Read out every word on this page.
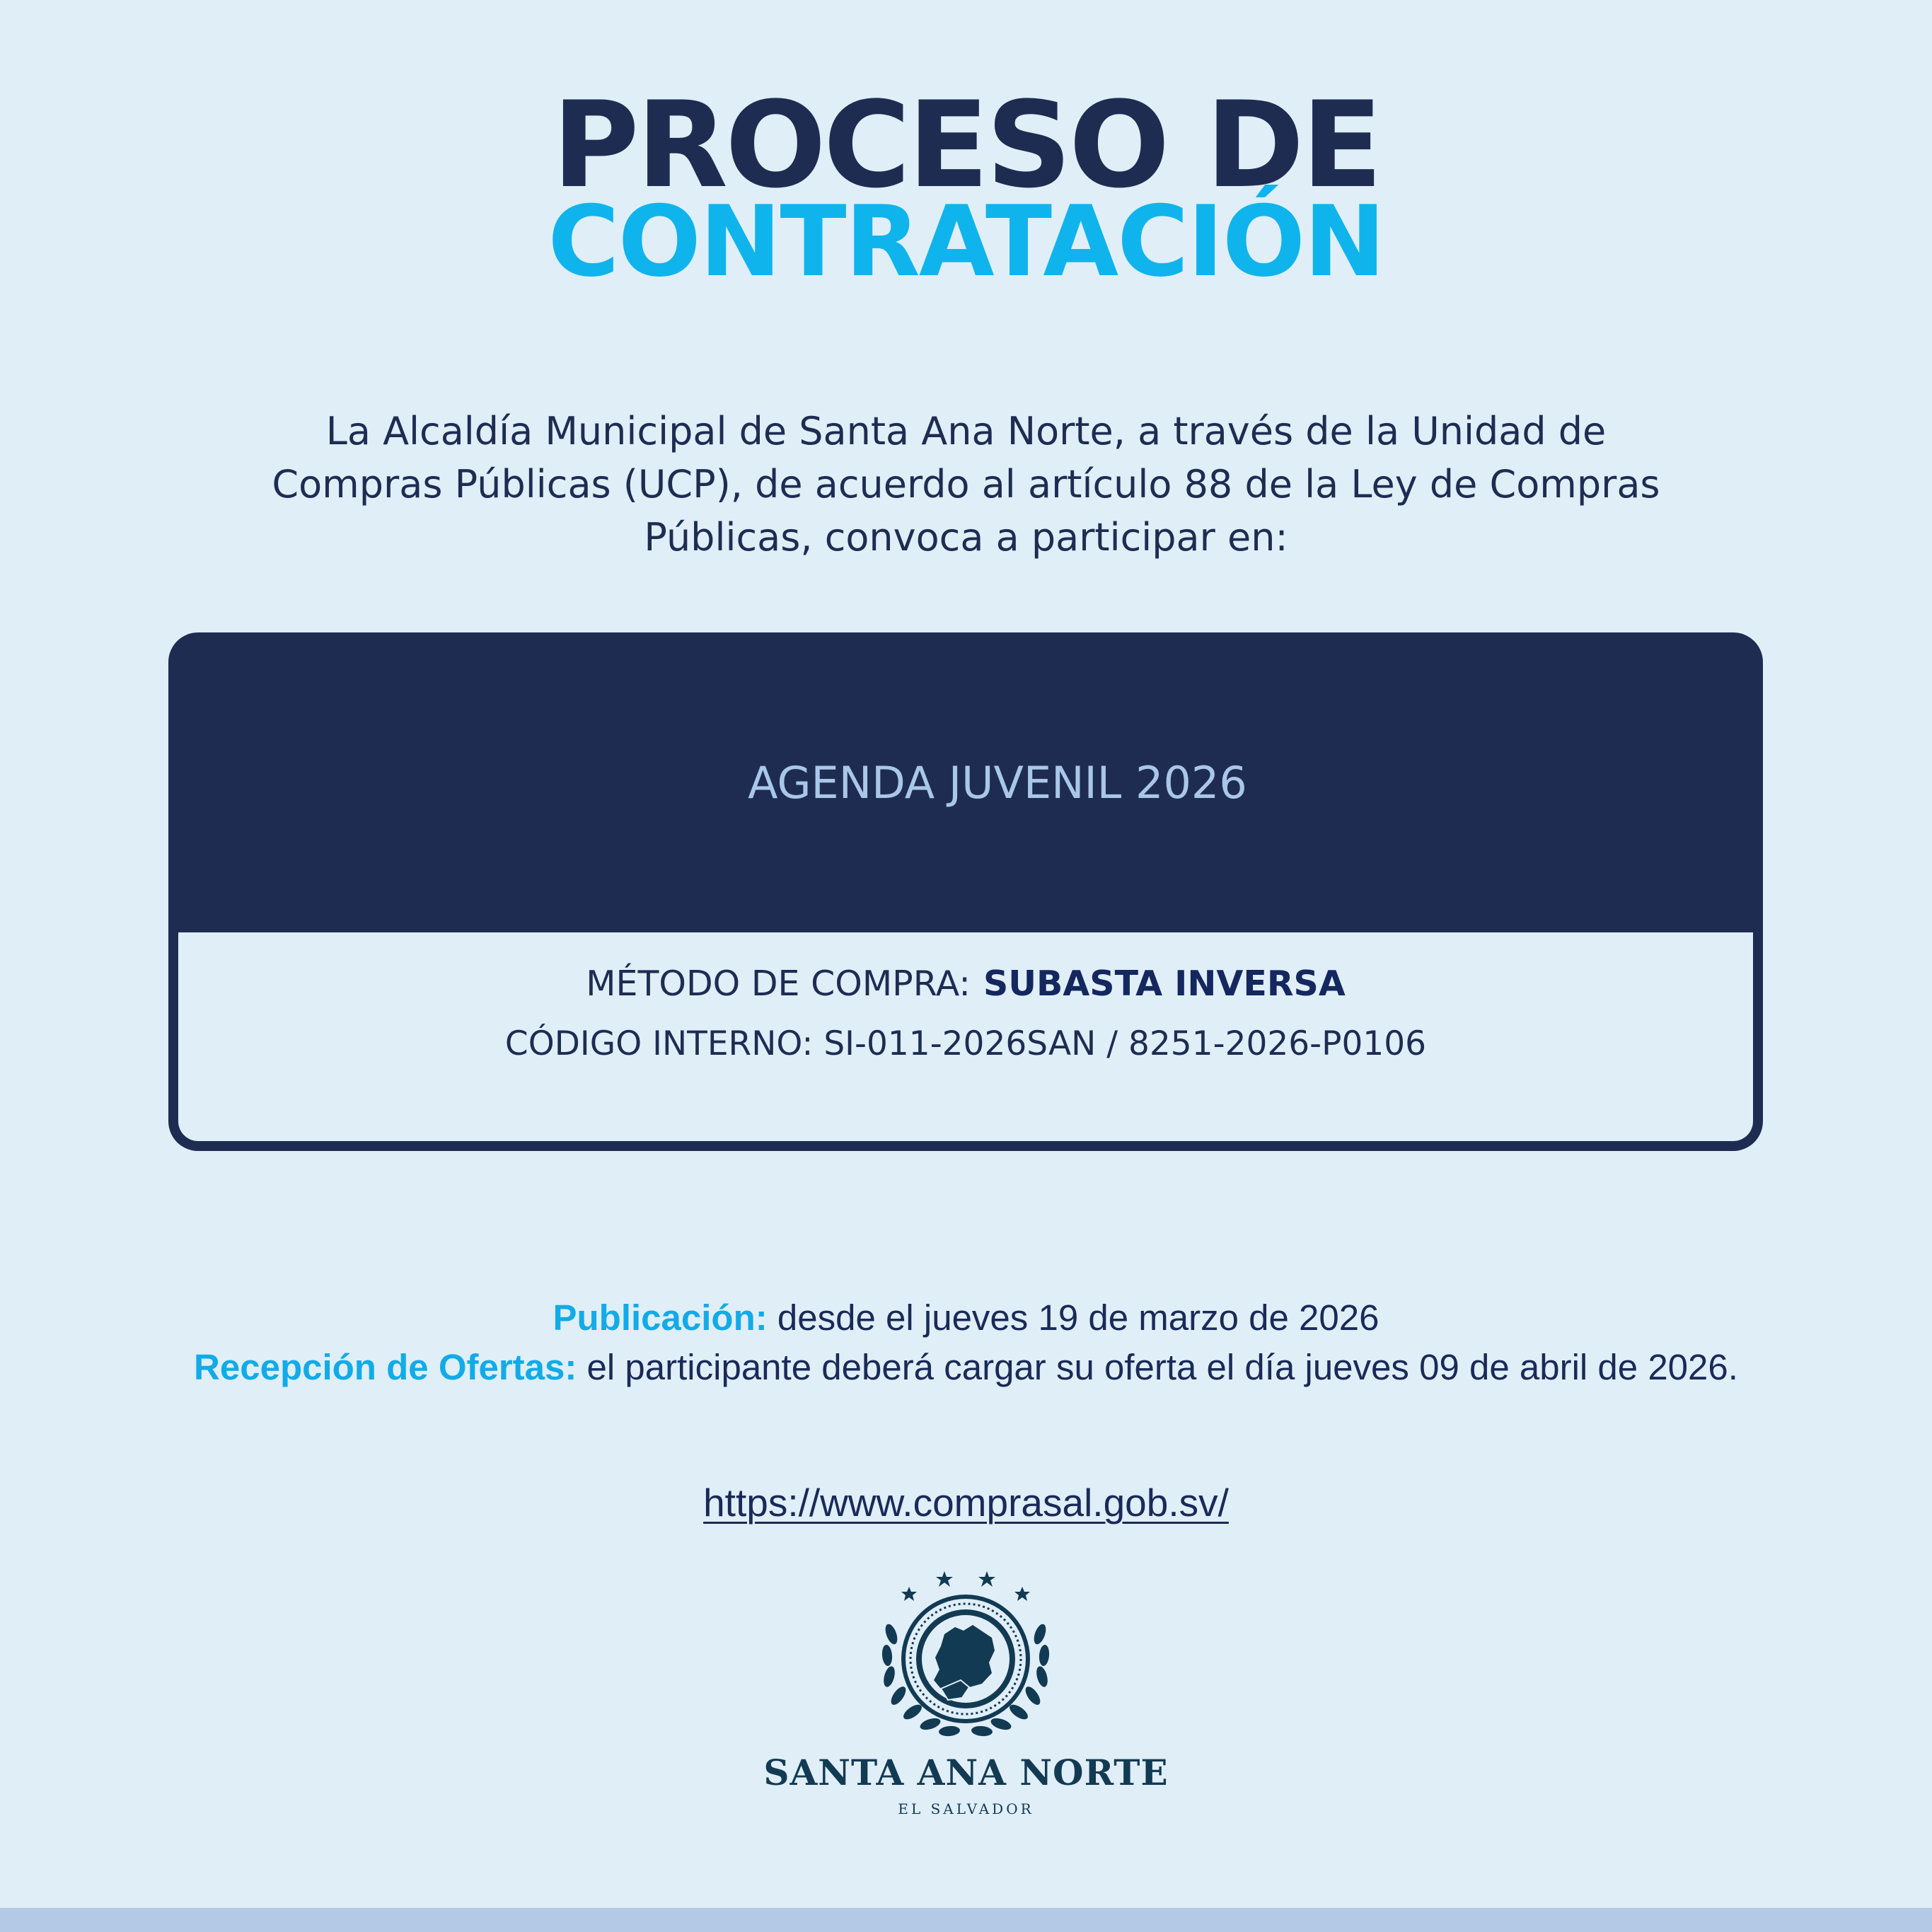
PROCESO DE
CONTRATACIÓN
La Alcaldía Municipal de Santa Ana Norte, a través de la Unidad de Compras Públicas (UCP), de acuerdo al artículo 88 de la Ley de Compras Públicas, convoca a participar en:
AGENDA JUVENIL 2026
MÉTODO DE COMPRA: SUBASTA INVERSA
CÓDIGO INTERNO: SI-011-2026SAN / 8251-2026-P0106
Publicación: desde el jueves 19 de marzo de 2026
Recepción de Ofertas: el participante deberá cargar su oferta el día jueves 09 de abril de 2026.
https://www.comprasal.gob.sv/
SANTA ANA NORTE
EL SALVADOR
